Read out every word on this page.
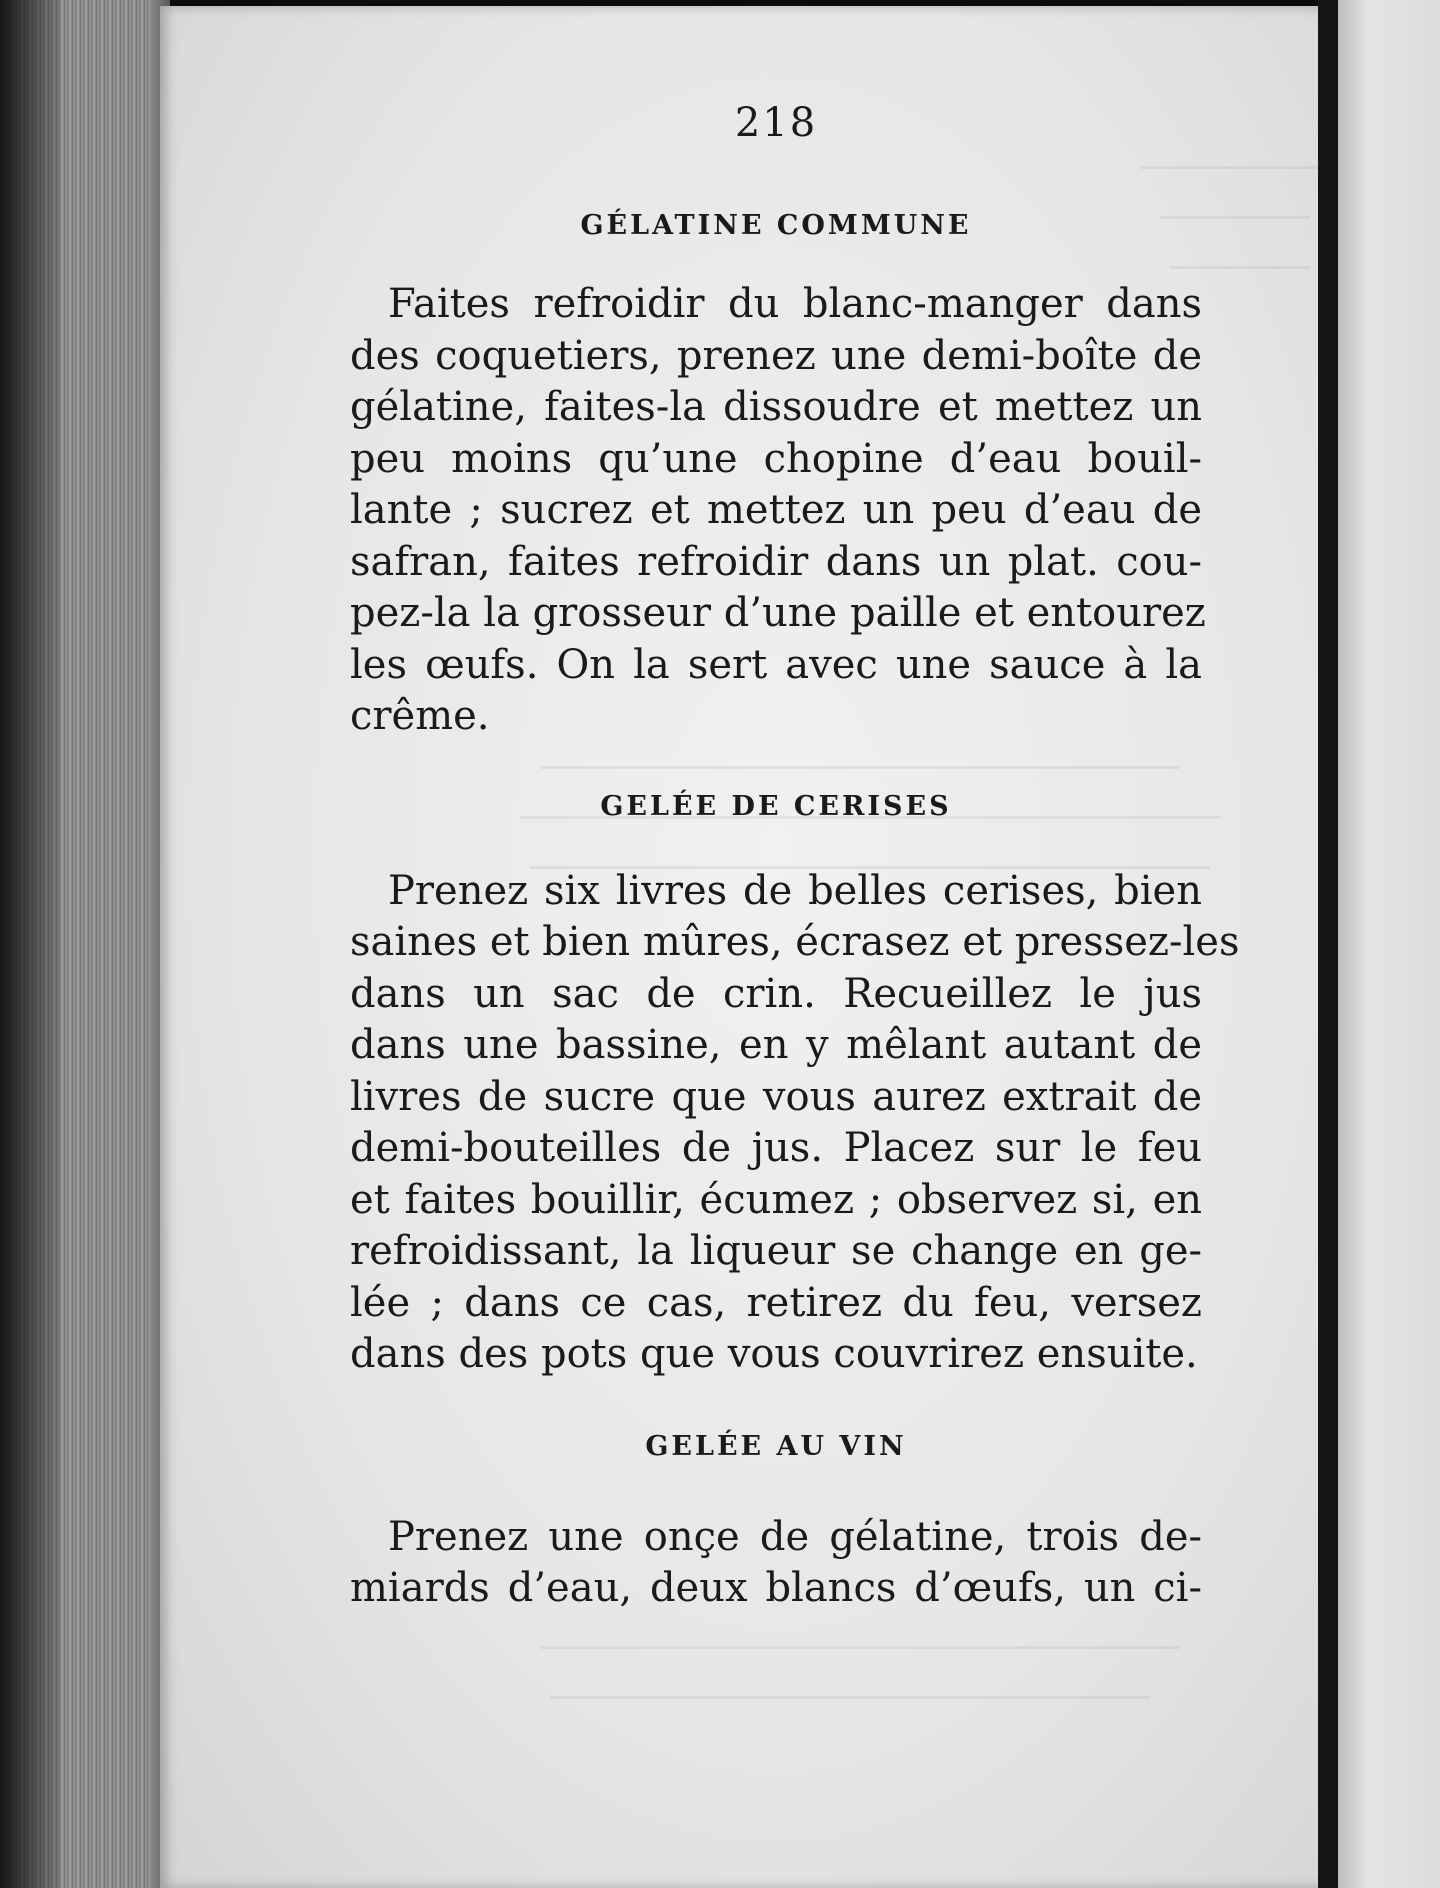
218
GÉLATINE COMMUNE
Faites refroidir du blanc-manger dans
des coquetiers, prenez une demi-boîte de
gélatine, faites-la dissoudre et mettez un
peu moins qu’une chopine d’eau bouil-
lante ; sucrez et mettez un peu d’eau de
safran, faites refroidir dans un plat. cou-
pez-la la grosseur d’une paille et entourez
les œufs. On la sert avec une sauce à la
crême.
GELÉE DE CERISES
Prenez six livres de belles cerises, bien
saines et bien mûres, écrasez et pressez-les
dans un sac de crin. Recueillez le jus
dans une bassine, en y mêlant autant de
livres de sucre que vous aurez extrait de
demi-bouteilles de jus. Placez sur le feu
et faites bouillir, écumez ; observez si, en
refroidissant, la liqueur se change en ge-
lée ; dans ce cas, retirez du feu, versez
dans des pots que vous couvrirez ensuite.
GELÉE AU VIN
Prenez une onçe de gélatine, trois de-
miards d’eau, deux blancs d’œufs, un ci-
